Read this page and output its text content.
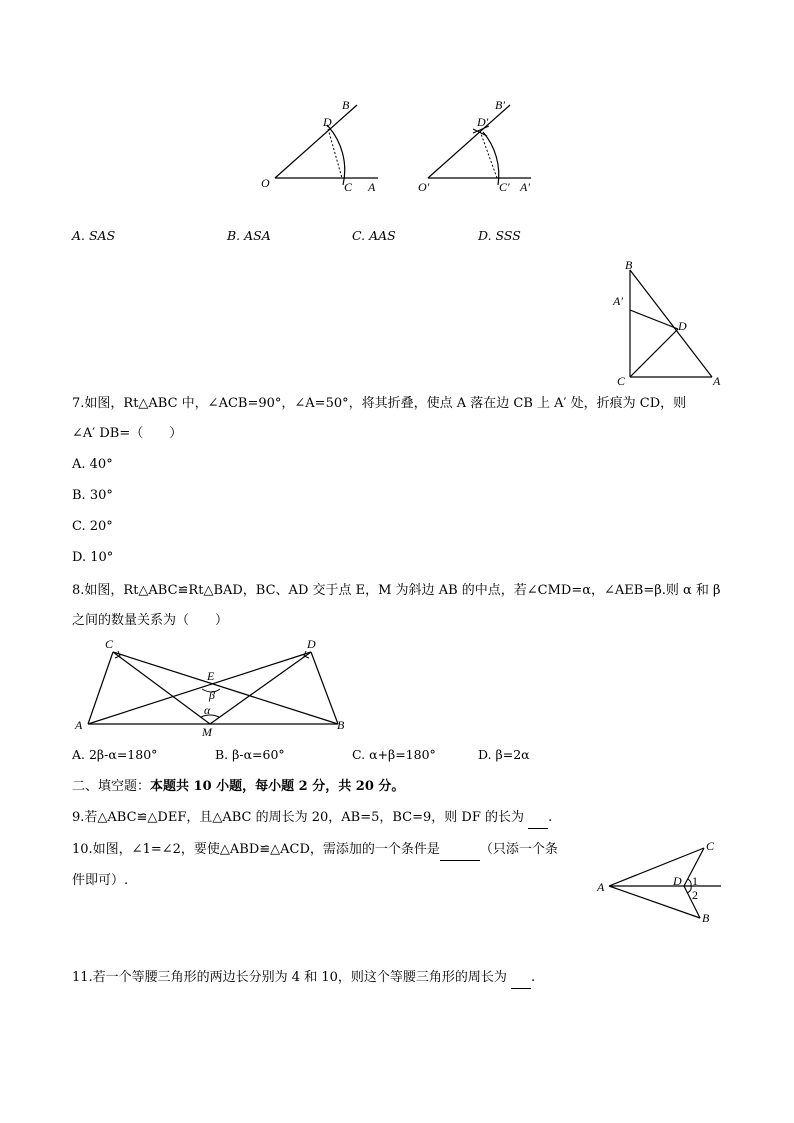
B
D
O	C A
B′
D′
O′	C′ A′
A. SAS	B. ASA	C. AAS	D. SSS
B
A′
D
C	A
7.如图，Rt△ABC 中，∠ACB=90°，∠A=50°，将其折叠，使点 A 落在边 CB 上 A′ 处，折痕为 CD，则
∠A′ DB=（　　）
A. 40°
B. 30°
C. 20°
D. 10°
8.如图，Rt△ABC≌Rt△BAD，BC、AD 交于点 E，M 为斜边 AB 的中点，若∠CMD=α，∠AEB=β.则 α 和 β
之间的数量关系为（　　）
C	D
E
β
α
A	M	B
A. 2β-α=180°	B. β-α=60°	C. α+β=180°	D. β=2α
二、填空题：本题共 10 小题，每小题 2 分，共 20 分。
9.若△ABC≌△DEF，且△ABC 的周长为 20，AB=5，BC=9，则 DF 的长为 .
10.如图，∠1=∠2，要使△ABD≌△ACD，需添加的一个条件是	（只添一个条
件即可）.	A
C
D 1
2
B
11.若一个等腰三角形的两边长分别为 4 和 10，则这个等腰三角形的周长为 .
